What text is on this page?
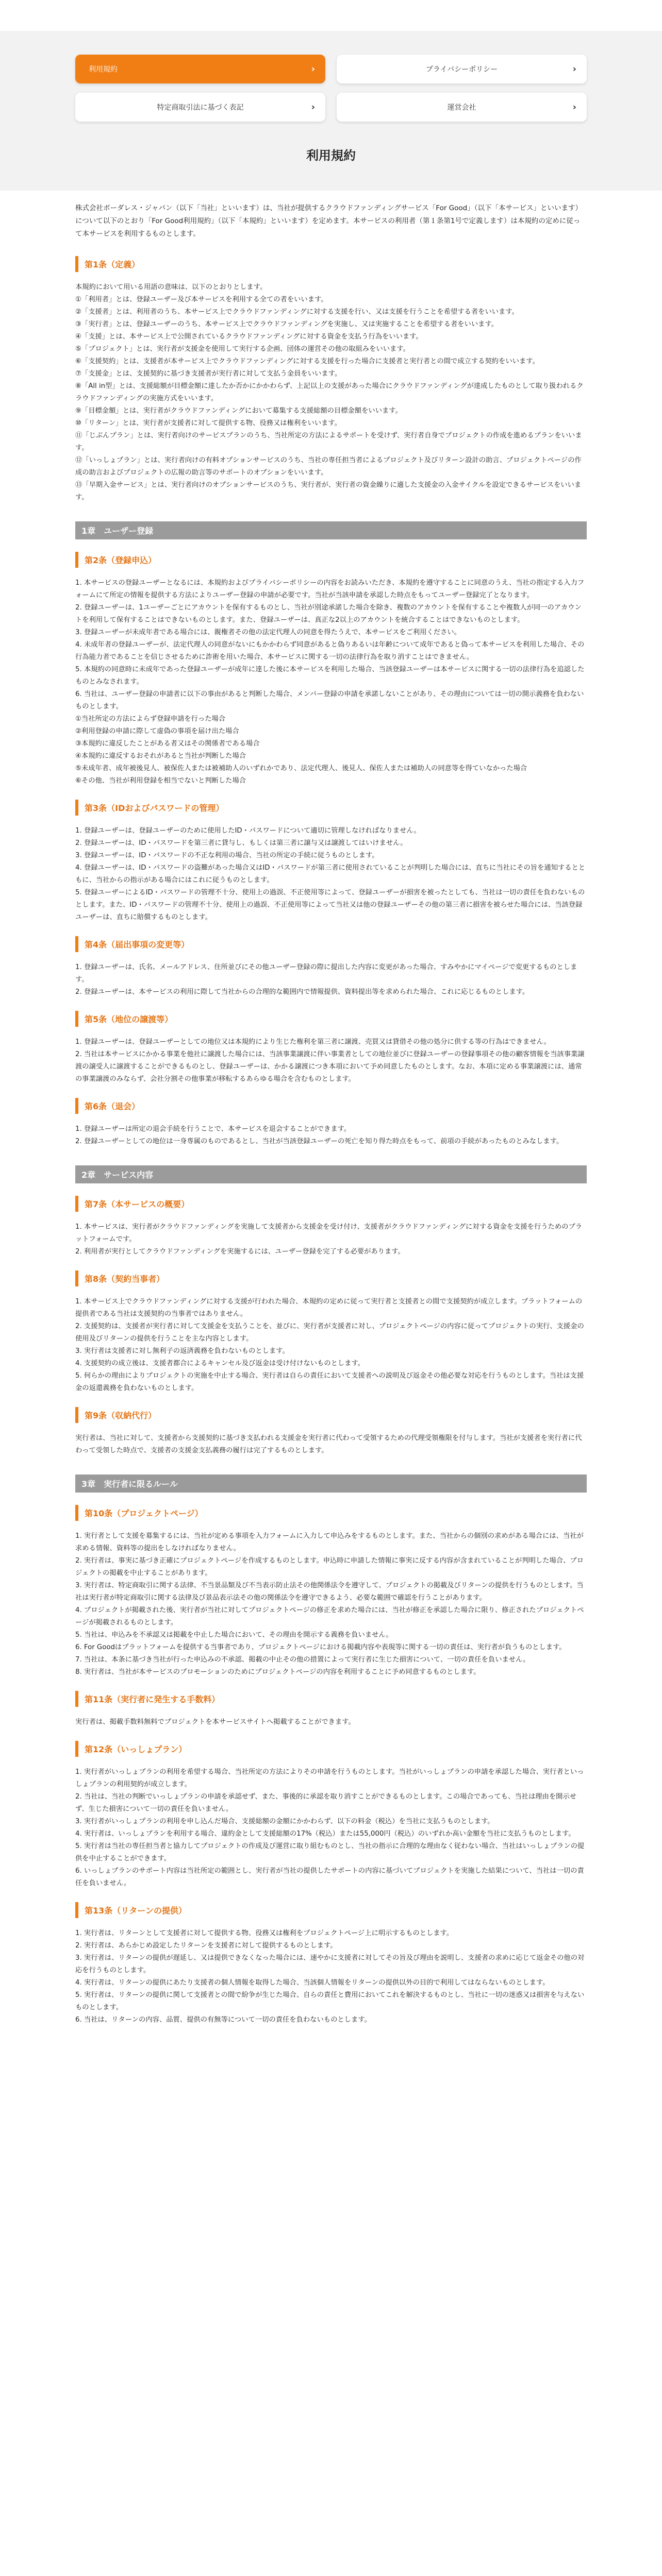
利用規約	›	プライバシーポリシー	›
特定商取引法に基づく表記	›	運営会社	›
利用規約

株式会社ボーダレス・ジャパン（以下「当社」といいます）は、当社が提供するクラウドファンディングサービス「For Good」（以下「本サービス」といいます）について以下のとおり「For Good利用規約」（以下「本規約」といいます）を定めます。本サービスの利用者（第１条第1号で定義します）は本規約の定めに従って本サービスを利用するものとします。

第1条（定義）

本規約において用いる用語の意味は、以下のとおりとします。

①「利用者」とは、登録ユーザー及び本サービスを利用する全ての者をいいます。

②「支援者」とは、利用者のうち、本サービス上でクラウドファンディングに対する支援を行い、又は支援を行うことを希望する者をいいます。

③「実行者」とは、登録ユーザーのうち、本サービス上でクラウドファンディングを実施し、又は実施することを希望する者をいいます。

④「支援」とは、本サービス上で公開されているクラウドファンディングに対する資金を支払う行為をいいます。

⑤「プロジェクト」とは、実行者が支援金を使用して実行する企画、団体の運営その他の取組みをいいます。

⑥「支援契約」とは、支援者が本サービス上でクラウドファンディングに対する支援を行った場合に支援者と実行者との間で成立する契約をいいます。

⑦「支援金」とは、支援契約に基づき支援者が実行者に対して支払う金員をいいます。

⑧「All in型」とは、支援総額が目標金額に達したか否かにかかわらず、上記以上の支援があった場合にクラウドファンディングが達成したものとして取り扱われるクラウドファンディングの実施方式をいいます。

⑨「目標金額」とは、実行者がクラウドファンディングにおいて募集する支援総額の目標金額をいいます。

⑩「リターン」とは、実行者が支援者に対して提供する物、役務又は権利をいいます。

⑪「じぶんプラン」とは、実行者向けのサービスプランのうち、当社所定の方法によるサポートを受けず、実行者自身でプロジェクトの作成を進めるプランをいいます。

⑫「いっしょプラン」とは、実行者向けの有料オプションサービスのうち、当社の専任担当者によるプロジェクト及びリターン設計の助言、プロジェクトページの作成の助言およびプロジェクトの広報の助言等のサポートのオプションをいいます。

⑬「早期入金サービス」とは、実行者向けのオプションサービスのうち、実行者が、実行者の資金繰りに適した支援金の入金サイクルを設定できるサービスをいいます。

1章　ユーザー登録
第2条（登録申込）

1. 本サービスの登録ユーザーとなるには、本規約およびプライバシーポリシーの内容をお読みいただき、本規約を遵守することに同意のうえ、当社の指定する入力フォームにて所定の情報を提供する方法によりユーザー登録の申請が必要です。当社が当該申請を承認した時点をもってユーザー登録完了となります。

2. 登録ユーザーは、1ユーザーごとにアカウントを保有するものとし、当社が別途承諾した場合を除き、複数のアカウントを保有することや複数人が同一のアカウントを利用して保有することはできないものとします。また、登録ユーザーは、真正な2以上のアカウントを統合することはできないものとします。

3. 登録ユーザーが未成年者である場合には、親権者その他の法定代理人の同意を得たうえで、本サービスをご利用ください。

4. 未成年者の登録ユーザーが、法定代理人の同意がないにもかかわらず同意があると偽りあるいは年齢について成年であると偽って本サービスを利用した場合、その行為能力者であることを信じさせるために詐術を用いた場合、本サービスに関する一切の法律行為を取り消すことはできません。

5. 本規約の同意時に未成年であった登録ユーザーが成年に達した後に本サービスを利用した場合、当該登録ユーザーは本サービスに関する一切の法律行為を追認したものとみなされます。

6. 当社は、ユーザー登録の申請者に以下の事由があると判断した場合、メンバー登録の申請を承諾しないことがあり、その理由については一切の開示義務を負わないものとします。

①当社所定の方法によらず登録申請を行った場合

②利用登録の申請に際して虚偽の事項を届け出た場合

③本規約に違反したことがある者又はその関係者である場合

④本規約に違反するおそれがあると当社が判断した場合

⑤未成年者、成年被後見人、被保佐人または被補助人のいずれかであり、法定代理人、後見人、保佐人または補助人の同意等を得ていなかった場合

⑥その他、当社が利用登録を相当でないと判断した場合

第3条（IDおよびパスワードの管理）

1. 登録ユーザーは、登録ユーザーのために使用したID・パスワードについて適切に管理しなければなりません。

2. 登録ユーザーは、ID・パスワードを第三者に貸与し、もしくは第三者に譲与又は譲渡してはいけません。

3. 登録ユーザーは、ID・パスワードの不正な利用の場合、当社の所定の手続に従うものとします。

4. 登録ユーザーは、ID・パスワードの盗難があった場合又はID・パスワードが第三者に使用されていることが判明した場合には、直ちに当社にその旨を通知するとともに、当社からの指示がある場合にはこれに従うものとします。

5. 登録ユーザーによるID・パスワードの管理不十分、使用上の過誤、不正使用等によって、登録ユーザーが損害を被ったとしても、当社は一切の責任を負わないものとします。また、ID・パスワードの管理不十分、使用上の過誤、不正使用等によって当社又は他の登録ユーザーその他の第三者に損害を被らせた場合には、当該登録ユーザーは、直ちに賠償するものとします。

第4条（届出事項の変更等）

1. 登録ユーザーは、氏名、メールアドレス、住所並びにその他ユーザー登録の際に提出した内容に変更があった場合、すみやかにマイページで変更するものとします。

2. 登録ユーザーは、本サービスの利用に際して当社からの合理的な範囲内で情報提供、資料提出等を求められた場合、これに応じるものとします。

第5条（地位の譲渡等）

1. 登録ユーザーは、登録ユーザーとしての地位又は本規約により生じた権利を第三者に譲渡、売買又は貸借その他の処分に供する等の行為はできません。

2. 当社は本サービスにかかる事業を他社に譲渡した場合には、当該事業譲渡に伴い事業者としての地位並びに登録ユーザーの登録事項その他の顧客情報を当該事業譲渡の譲受人に譲渡することができるものとし、登録ユーザーは、かかる譲渡につき本項において予め同意したものとします。なお、本項に定める事業譲渡には、通常の事業譲渡のみならず、会社分割その他事業が移転するあらゆる場合を含むものとします。

第6条（退会）

1. 登録ユーザーは所定の退会手続を行うことで、本サービスを退会することができます。

2. 登録ユーザーとしての地位は一身専属のものであるとし、当社が当該登録ユーザーの死亡を知り得た時点をもって、前項の手続があったものとみなします。

2章　サービス内容
第7条（本サービスの概要）

1. 本サービスは、実行者がクラウドファンディングを実施して支援者から支援金を受け付け、支援者がクラウドファンディングに対する資金を支援を行うためのプラットフォームです。

2. 利用者が実行としてクラウドファンディングを実施するには、ユーザー登録を完了する必要があります。

第8条（契約当事者）

1. 本サービス上でクラウドファンディングに対する支援が行われた場合、本規約の定めに従って実行者と支援者との間で支援契約が成立します。プラットフォームの提供者である当社は支援契約の当事者ではありません。

2. 支援契約は、支援者が実行者に対して支援金を支払うことを、並びに、実行者が支援者に対し、プロジェクトページの内容に従ってプロジェクトの実行、支援金の使用及びリターンの提供を行うことを主な内容とします。

3. 実行者は支援者に対し無利子の返済義務を負わないものとします。

4. 支援契約の成立後は、支援者都合によるキャンセル及び返金は受け付けないものとします。

5. 何らかの理由によりプロジェクトの実施を中止する場合、実行者は自らの責任において支援者への説明及び返金その他必要な対応を行うものとします。当社は支援金の返還義務を負わないものとします。

第9条（収納代行）

実行者は、当社に対して、支援者から支援契約に基づき支払われる支援金を実行者に代わって受領するための代理受領権限を付与します。当社が支援者を実行者に代わって受領した時点で、支援者の支援金支払義務の履行は完了するものとします。

3章　実行者に限るルール
第10条（プロジェクトページ）

1. 実行者として支援を募集するには、当社が定める事項を入力フォームに入力して申込みをするものとします。また、当社からの個別の求めがある場合には、当社が求める情報、資料等の提出をしなければなりません。

2. 実行者は、事実に基づき正確にプロジェクトページを作成するものとします。申込時に申請した情報に事実に反する内容が含まれていることが判明した場合、プロジェクトの掲載を中止することがあります。

3. 実行者は、特定商取引に関する法律、不当景品類及び不当表示防止法その他関係法令を遵守して、プロジェクトの掲載及びリターンの提供を行うものとします。当社は実行者が特定商取引に関する法律及び景品表示法その他の関係法令を遵守できるよう、必要な範囲で確認を行うことがあります。

4. プロジェクトが掲載された後、実行者が当社に対してプロジェクトページの修正を求めた場合には、当社が修正を承認した場合に限り、修正されたプロジェクトページが掲載されるものとします。

5. 当社は、申込みを不承認又は掲載を中止した場合において、その理由を開示する義務を負いません。

6. For Goodはプラットフォームを提供する当事者であり、プロジェクトページにおける掲載内容や表現等に関する一切の責任は、実行者が負うものとします。

7. 当社は、本条に基づき当社が行った申込みの不承認、掲載の中止その他の措置によって実行者に生じた損害について、一切の責任を負いません。

8. 実行者は、当社が本サービスのプロモーションのためにプロジェクトページの内容を利用することに予め同意するものとします。

第11条（実行者に発生する手数料）

実行者は、掲載手数料無料でプロジェクトを本サービスサイトへ掲載することができます。

第12条（いっしょプラン）

1. 実行者がいっしょプランの利用を希望する場合、当社所定の方法によりその申請を行うものとします。当社がいっしょプランの申請を承認した場合、実行者といっしょプランの利用契約が成立します。

2. 当社は、当社の判断でいっしょプランの申請を承認せず、また、事後的に承認を取り消すことができるものとします。この場合であっても、当社は理由を開示せず、生じた損害について一切の責任を負いません。

3. 実行者がいっしょプランの利用を申し込んだ場合、支援総額の金額にかかわらず、以下の料金（税込）を当社に支払うものとします。

4. 実行者は、いっしょプランを利用する場合、違約金として支援総額の17%（税込）または55,000円（税込）のいずれか高い金額を当社に支払うものとします。

5. 実行者は当社の専任担当者と協力してプロジェクトの作成及び運営に取り組むものとし、当社の指示に合理的な理由なく従わない場合、当社はいっしょプランの提供を中止することができます。

6. いっしょプランのサポート内容は当社所定の範囲とし、実行者が当社の提供したサポートの内容に基づいてプロジェクトを実施した結果について、当社は一切の責任を負いません。

第13条（リターンの提供）

1. 実行者は、リターンとして支援者に対して提供する物、役務又は権利をプロジェクトページ上に明示するものとします。

2. 実行者は、あらかじめ設定したリターンを支援者に対して提供するものとします。

3. 実行者は、リターンの提供が遅延し、又は提供できなくなった場合には、速やかに支援者に対してその旨及び理由を説明し、支援者の求めに応じて返金その他の対応を行うものとします。

4. 実行者は、リターンの提供にあたり支援者の個人情報を取得した場合、当該個人情報をリターンの提供以外の目的で利用してはならないものとします。

5. 実行者は、リターンの提供に関して支援者との間で紛争が生じた場合、自らの責任と費用においてこれを解決するものとし、当社に一切の迷惑又は損害を与えないものとします。

6. 当社は、リターンの内容、品質、提供の有無等について一切の責任を負わないものとします。
